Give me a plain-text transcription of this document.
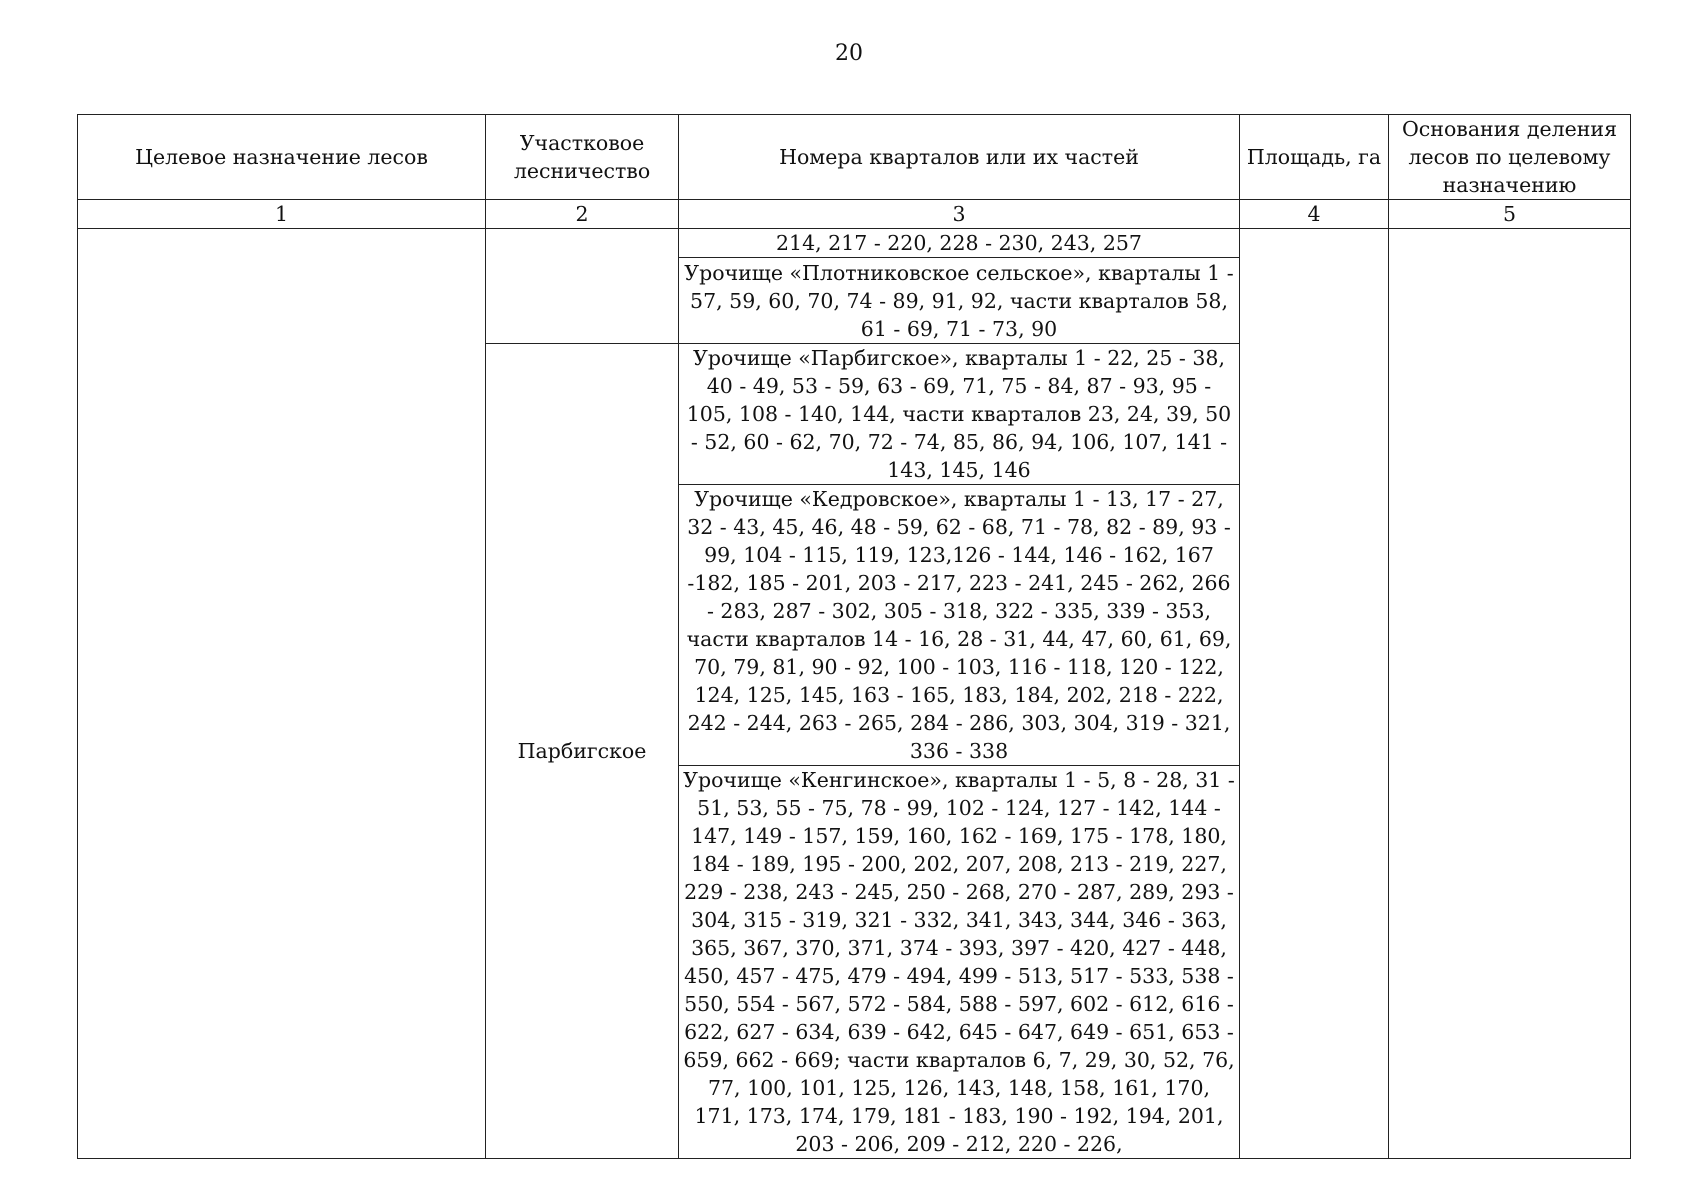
20
Целевое назначение лесов	Участковое лесничество	Номера кварталов или их частей	Площадь, га	Основания деления лесов по целевому назначению
1	2	3	4	5
		214, 217 - 220, 228 - 230, 243, 257		
		Урочище «Плотниковское сельское», кварталы 1 - 57, 59, 60, 70, 74 - 89, 91, 92, части кварталов 58, 61 - 69, 71 - 73, 90		
	Парбигское	Урочище «Парбигское», кварталы 1 - 22, 25 - 38, 40 - 49, 53 - 59, 63 - 69, 71, 75 - 84, 87 - 93, 95 - 105, 108 - 140, 144, части кварталов 23, 24, 39, 50 - 52, 60 - 62, 70, 72 - 74, 85, 86, 94, 106, 107, 141 - 143, 145, 146		
		Урочище «Кедровское», кварталы 1 - 13, 17 - 27, 32 - 43, 45, 46, 48 - 59, 62 - 68, 71 - 78, 82 - 89, 93 - 99, 104 - 115, 119, 123,126 - 144, 146 - 162, 167 -182, 185 - 201, 203 - 217, 223 - 241, 245 - 262, 266 - 283, 287 - 302, 305 - 318, 322 - 335, 339 - 353, части кварталов 14 - 16, 28 - 31, 44, 47, 60, 61, 69, 70, 79, 81, 90 - 92, 100 - 103, 116 - 118, 120 - 122, 124, 125, 145, 163 - 165, 183, 184, 202, 218 - 222, 242 - 244, 263 - 265, 284 - 286, 303, 304, 319 - 321, 336 - 338		
		Урочище «Кенгинское», кварталы 1 - 5, 8 - 28, 31 - 51, 53, 55 - 75, 78 - 99, 102 - 124, 127 - 142, 144 - 147, 149 - 157, 159, 160, 162 - 169, 175 - 178, 180, 184 - 189, 195 - 200, 202, 207, 208, 213 - 219, 227, 229 - 238, 243 - 245, 250 - 268, 270 - 287, 289, 293 - 304, 315 - 319, 321 - 332, 341, 343, 344, 346 - 363, 365, 367, 370, 371, 374 - 393, 397 - 420, 427 - 448, 450, 457 - 475, 479 - 494, 499 - 513, 517 - 533, 538 - 550, 554 - 567, 572 - 584, 588 - 597, 602 - 612, 616 - 622, 627 - 634, 639 - 642, 645 - 647, 649 - 651, 653 - 659, 662 - 669; части кварталов 6, 7, 29, 30, 52, 76, 77, 100, 101, 125, 126, 143, 148, 158, 161, 170, 171, 173, 174, 179, 181 - 183, 190 - 192, 194, 201, 203 - 206, 209 - 212, 220 - 226,		
